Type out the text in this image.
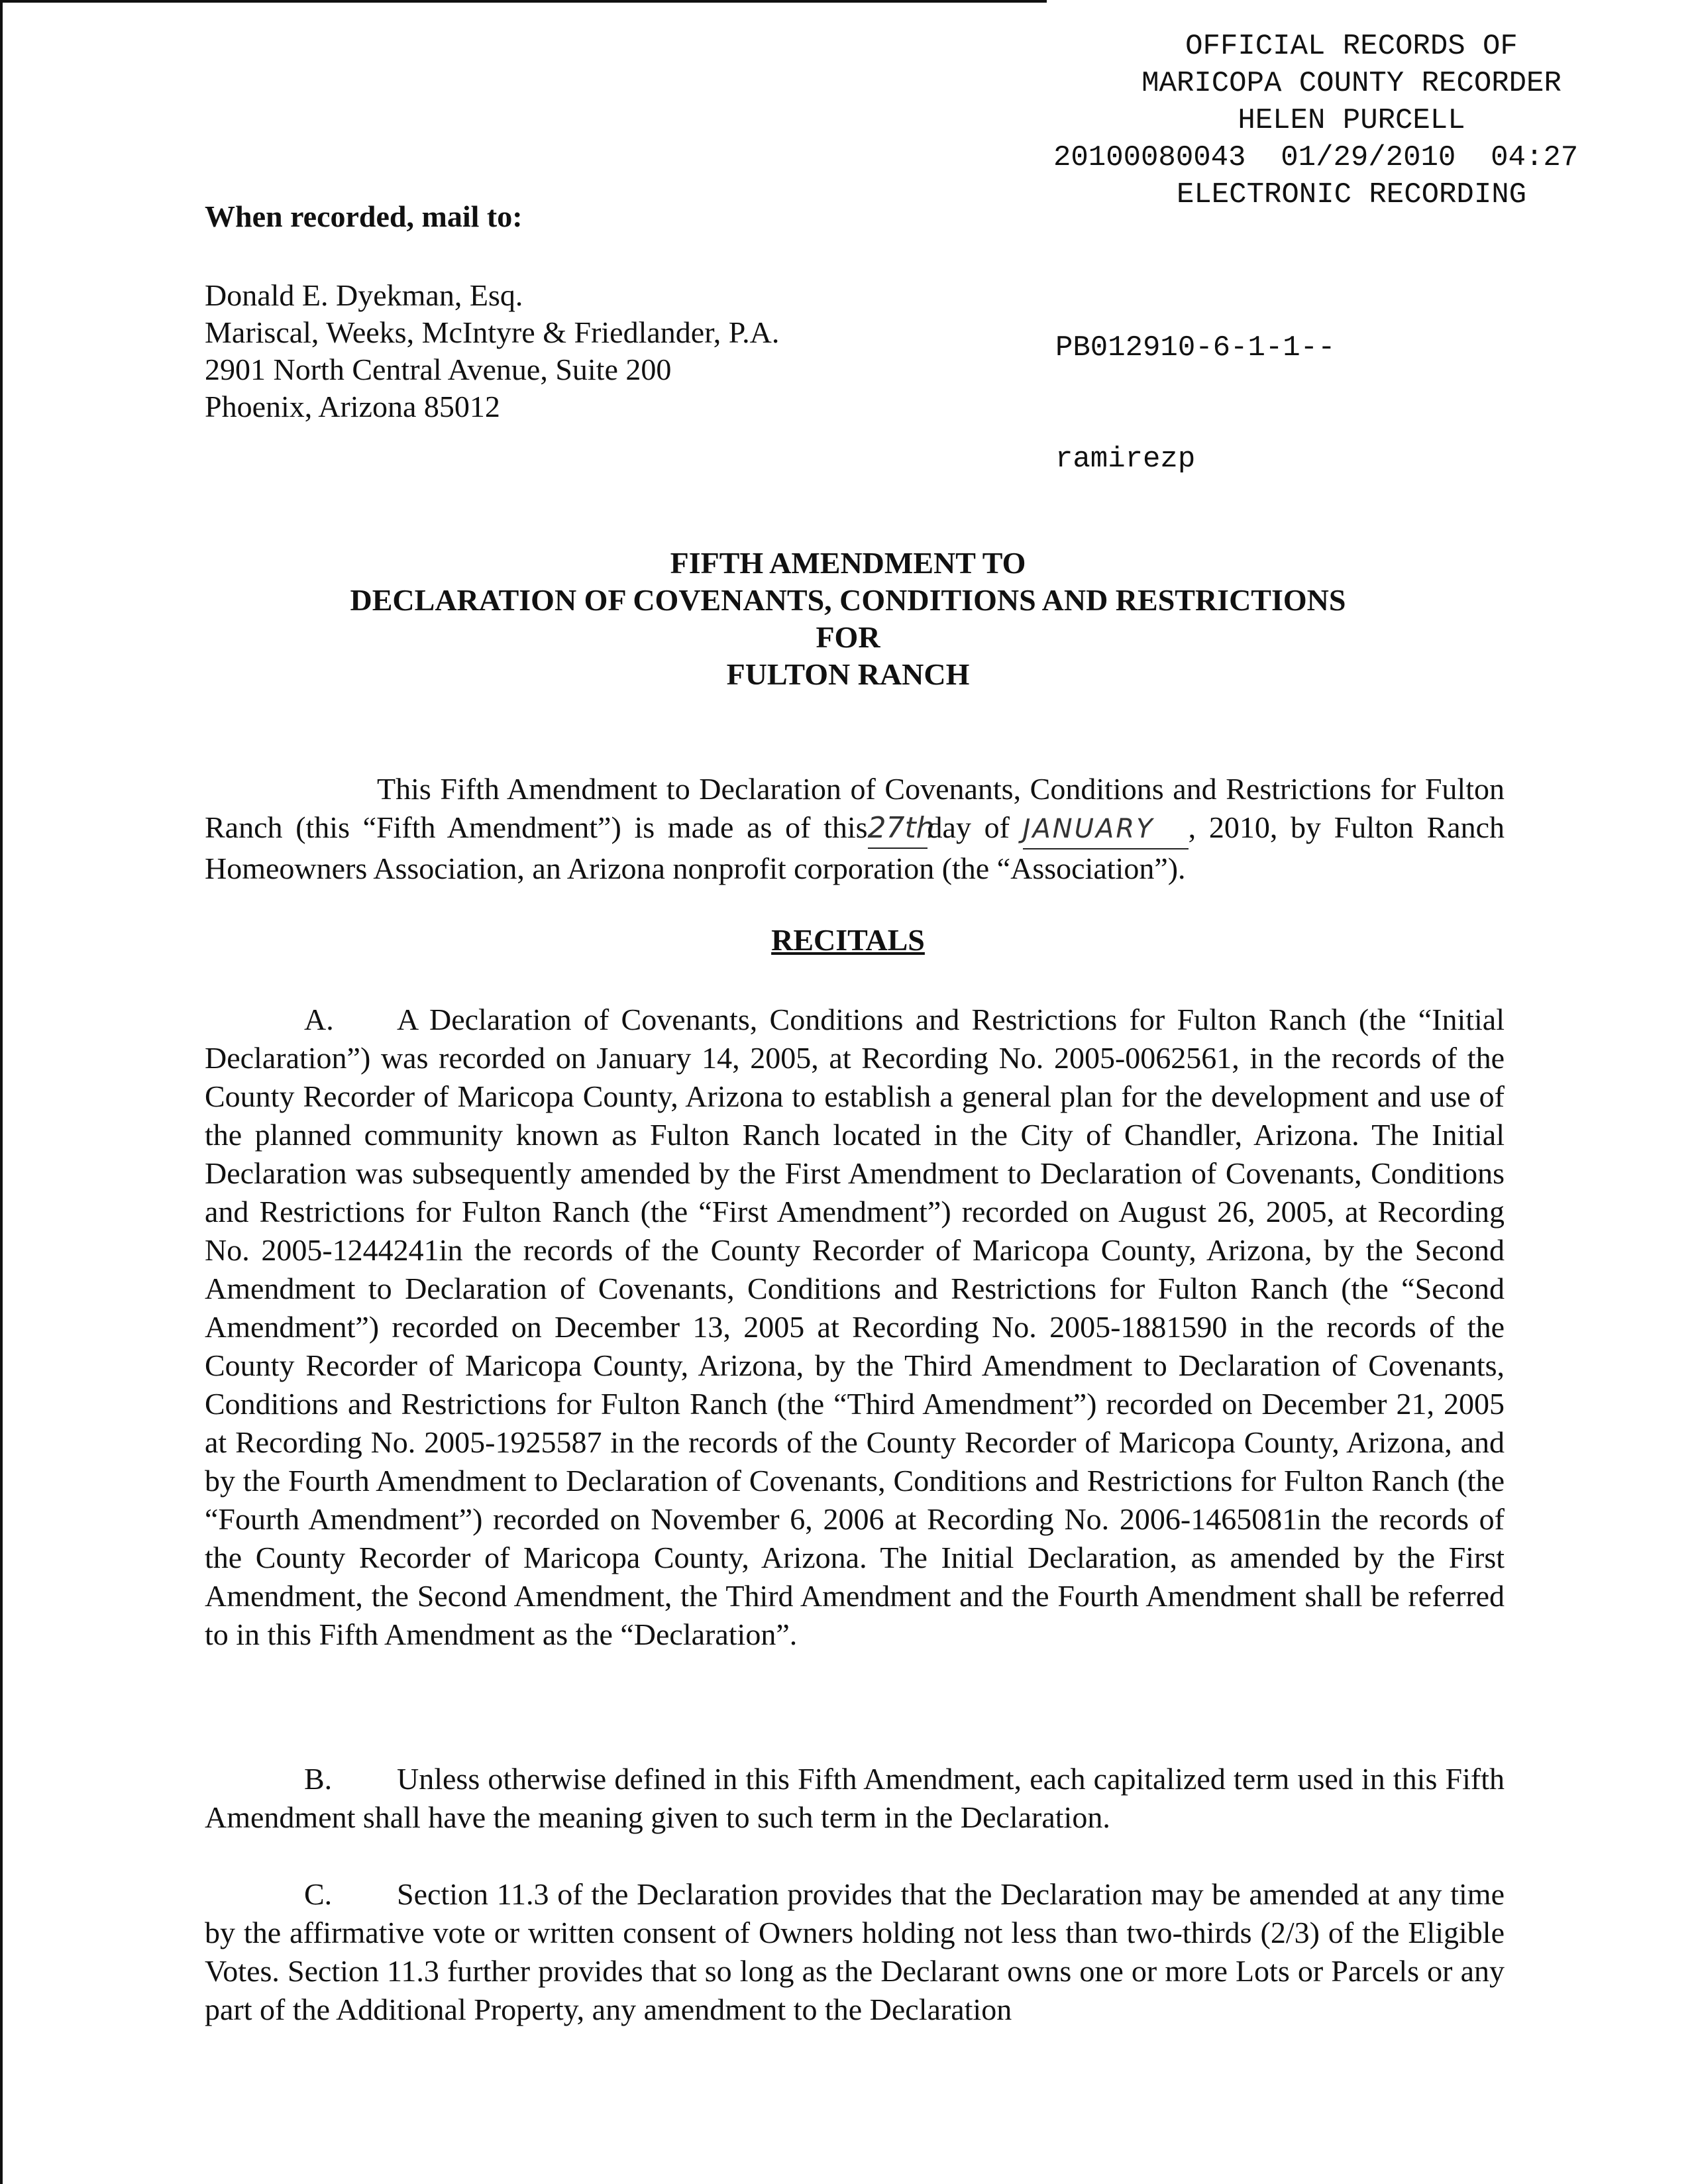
OFFICIAL RECORDS OF
MARICOPA COUNTY RECORDER
HELEN PURCELL
20100080043  01/29/2010  04:27
ELECTRONIC RECORDING

PB012910-6-1-1--

ramirezp

When recorded, mail to:
Donald E. Dyekman, Esq.
Mariscal, Weeks, McIntyre & Friedlander, P.A.
2901 North Central Avenue, Suite 200
Phoenix, Arizona 85012
FIFTH AMENDMENT TO
DECLARATION OF COVENANTS, CONDITIONS AND RESTRICTIONS
FOR
FULTON RANCH
This Fifth Amendment to Declaration of Covenants, Conditions and Restrictions for Fulton Ranch (this “Fifth Amendment”) is made as of this27thday of JANUARY , 2010, by Fulton Ranch Homeowners Association, an Arizona nonprofit corporation (the “Association”).
RECITALS
A. A Declaration of Covenants, Conditions and Restrictions for Fulton Ranch (the “Initial Declaration”) was recorded on January 14, 2005, at Recording No. 2005-0062561, in the records of the County Recorder of Maricopa County, Arizona to establish a general plan for the development and use of the planned community known as Fulton Ranch located in the City of Chandler, Arizona. The Initial Declaration was subsequently amended by the First Amendment to Declaration of Covenants, Conditions and Restrictions for Fulton Ranch (the “First Amendment”) recorded on August 26, 2005, at Recording No. 2005-1244241in the records of the County Recorder of Maricopa County, Arizona, by the Second Amendment to Declaration of Covenants, Conditions and Restrictions for Fulton Ranch (the “Second Amendment”) recorded on December 13, 2005 at Recording No. 2005-1881590 in the records of the County Recorder of Maricopa County, Arizona, by the Third Amendment to Declaration of Covenants, Conditions and Restrictions for Fulton Ranch (the “Third Amendment”) recorded on December 21, 2005 at Recording No. 2005-1925587 in the records of the County Recorder of Maricopa County, Arizona, and by the Fourth Amendment to Declaration of Covenants, Conditions and Restrictions for Fulton Ranch (the “Fourth Amendment”) recorded on November 6, 2006 at Recording No. 2006-1465081in the records of the County Recorder of Maricopa County, Arizona. The Initial Declaration, as amended by the First Amendment, the Second Amendment, the Third Amendment and the Fourth Amendment shall be referred to in this Fifth Amendment as the “Declaration”.
B. Unless otherwise defined in this Fifth Amendment, each capitalized term used in this Fifth Amendment shall have the meaning given to such term in the Declaration.
C. Section 11.3 of the Declaration provides that the Declaration may be amended at any time by the affirmative vote or written consent of Owners holding not less than two-thirds (2/3) of the Eligible Votes. Section 11.3 further provides that so long as the Declarant owns one or more Lots or Parcels or any part of the Additional Property, any amendment to the Declaration
